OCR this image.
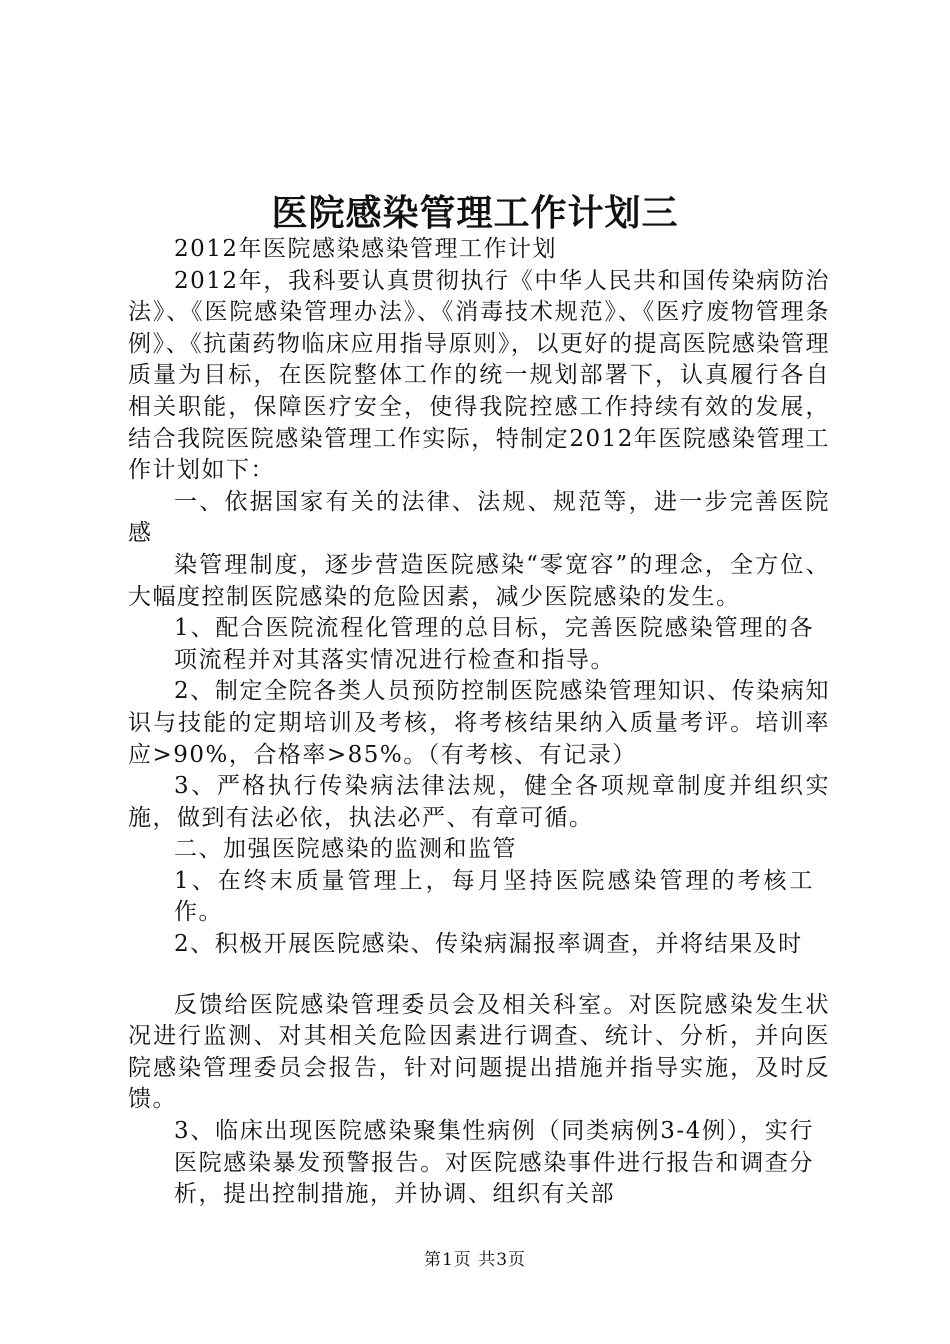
医院感染管理工作计划三

2012年医院感染感染管理工作计划

2012年，我科要认真贯彻执行《中华人民共和国传染病防治法》、《医院感染管理办法》、《消毒技术规范》、《医疗废物管理条例》、《抗菌药物临床应用指导原则》，以更好的提高医院感染管理质量为目标，在医院整体工作的统一规划部署下，认真履行各自相关职能，保障医疗安全，使得我院控感工作持续有效的发展，结合我院医院感染管理工作实际，特制定2012年医院感染管理工作计划如下：

一、依据国家有关的法律、法规、规范等，进一步完善医院感

染管理制度，逐步营造医院感染“零宽容”的理念，全方位、大幅度控制医院感染的危险因素，减少医院感染的发生。

1、配合医院流程化管理的总目标，完善医院感染管理的各项流程并对其落实情况进行检查和指导。

2、制定全院各类人员预防控制医院感染管理知识、传染病知识与技能的定期培训及考核，将考核结果纳入质量考评。培训率应>90%，合格率>85%。（有考核、有记录）

3、严格执行传染病法律法规，健全各项规章制度并组织实施，做到有法必依，执法必严、有章可循。

二、加强医院感染的监测和监管

1、在终末质量管理上，每月坚持医院感染管理的考核工作。

2、积极开展医院感染、传染病漏报率调查，并将结果及时

反馈给医院感染管理委员会及相关科室。对医院感染发生状况进行监测、对其相关危险因素进行调查、统计、分析，并向医院感染管理委员会报告，针对问题提出措施并指导实施，及时反馈。

3、临床出现医院感染聚集性病例（同类病例3-4例），实行医院感染暴发预警报告。对医院感染事件进行报告和调查分析，提出控制措施，并协调、组织有关部

第1页 共3页
